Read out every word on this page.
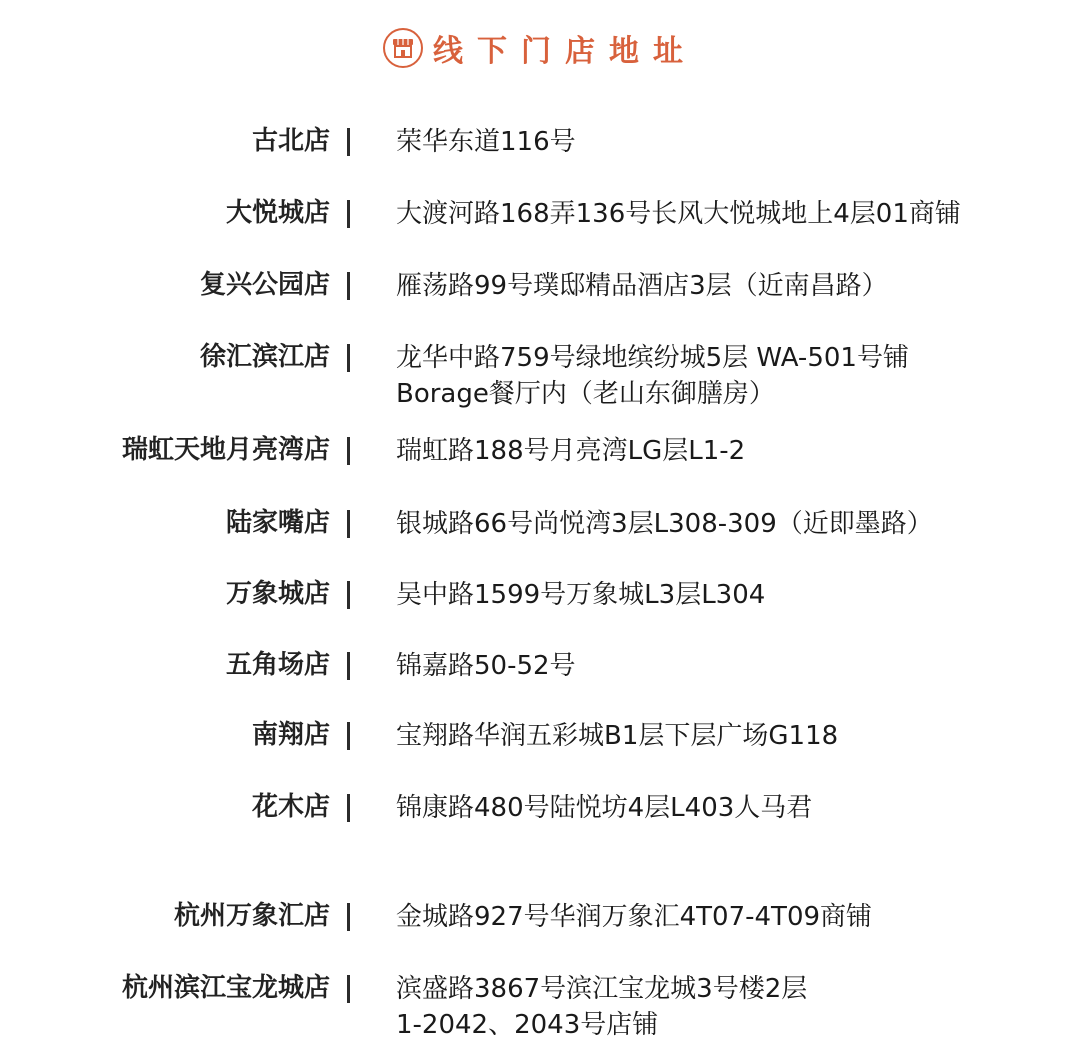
线下门店地址
古北店	荣华东道116号
大悦城店	大渡河路168弄136号长风大悦城地上4层01商铺
复兴公园店	雁荡路99号璞邸精品酒店3层（近南昌路）
徐汇滨江店	龙华中路759号绿地缤纷城5层 WA-501号铺
Borage餐厅内（老山东御膳房）
瑞虹天地月亮湾店	瑞虹路188号月亮湾LG层L1-2
陆家嘴店	银城路66号尚悦湾3层L308-309（近即墨路）
万象城店	吴中路1599号万象城L3层L304
五角场店	锦嘉路50-52号
南翔店	宝翔路华润五彩城B1层下层广场G118
花木店	锦康路480号陆悦坊4层L403人马君
杭州万象汇店	金城路927号华润万象汇4T07-4T09商铺
杭州滨江宝龙城店	滨盛路3867号滨江宝龙城3号楼2层
1-2042、2043号店铺
